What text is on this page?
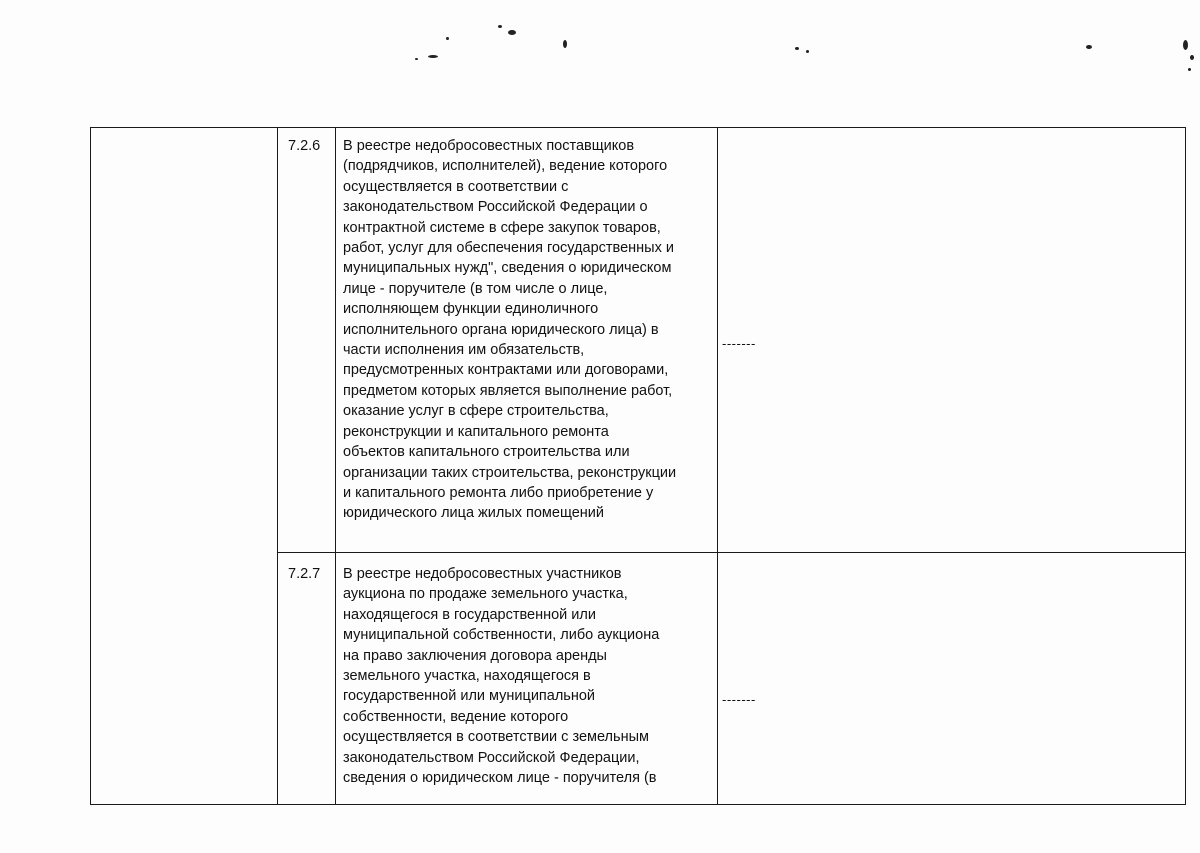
7.2.6 В реестре недобросовестных поставщиков
(подрядчиков, исполнителей), ведение которого
осуществляется в соответствии с
законодательством Российской Федерации о
контрактной системе в сфере закупок товаров,
работ, услуг для обеспечения государственных и
муниципальных нужд", сведения о юридическом
лице - поручителе (в том числе о лице,
исполняющем функции единоличного
исполнительного органа юридического лица) в
части исполнения им обязательств,
предусмотренных контрактами или договорами,
предметом которых является выполнение работ,
оказание услуг в сфере строительства,
реконструкции и капитального ремонта
объектов капитального строительства или
организации таких строительства, реконструкции
и капитального ремонта либо приобретение у
юридического лица жилых помещений
-------
7.2.7 В реестре недобросовестных участников
аукциона по продаже земельного участка,
находящегося в государственной или
муниципальной собственности, либо аукциона
на право заключения договора аренды
земельного участка, находящегося в
государственной или муниципальной
собственности, ведение которого
осуществляется в соответствии с земельным
законодательством Российской Федерации,
сведения о юридическом лице - поручителя (в
-------
